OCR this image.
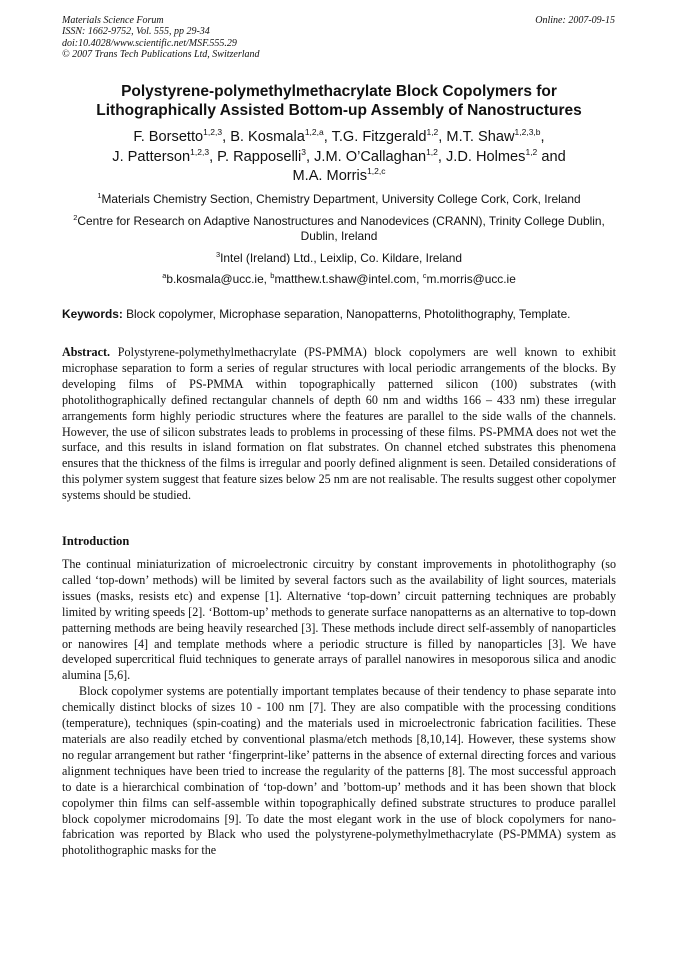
Materials Science Forum
ISSN: 1662-9752, Vol. 555, pp 29-34
doi:10.4028/www.scientific.net/MSF.555.29
© 2007 Trans Tech Publications Ltd, Switzerland
Online: 2007-09-15
Polystyrene-polymethylmethacrylate Block Copolymers for
Lithographically Assisted Bottom-up Assembly of Nanostructures
F. Borsetto$^{1,2,3}$, B. Kosmala$^{1,2,a}$, T.G. Fitzgerald$^{1,2}$, M.T. Shaw$^{1,2,3,b}$,
J. Patterson$^{1,2,3}$, P. Rapposelli$^3$, J.M. O’Callaghan$^{1,2}$, J.D. Holmes$^{1,2}$ and
M.A. Morris$^{1,2,c}$
$^1$Materials Chemistry Section, Chemistry Department, University College Cork, Cork, Ireland
$^2$Centre for Research on Adaptive Nanostructures and Nanodevices (CRANN), Trinity College Dublin, Dublin, Ireland
$^3$Intel (Ireland) Ltd., Leixlip, Co. Kildare, Ireland
$^a$b.kosmala@ucc.ie, $^b$matthew.t.shaw@intel.com, $^c$m.morris@ucc.ie
Keywords: Block copolymer, Microphase separation, Nanopatterns, Photolithography, Template.
Abstract. Polystyrene-polymethylmethacrylate (PS-PMMA) block copolymers are well known to exhibit microphase separation to form a series of regular structures with local periodic arrangements of the blocks. By developing films of PS-PMMA within topographically patterned silicon (100) substrates (with photolithographically defined rectangular channels of depth 60 nm and widths 166 – 433 nm) these irregular arrangements form highly periodic structures where the features are parallel to the side walls of the channels. However, the use of silicon substrates leads to problems in processing of these films. PS-PMMA does not wet the surface, and this results in island formation on flat substrates. On channel etched substrates this phenomena ensures that the thickness of the films is irregular and poorly defined alignment is seen. Detailed considerations of this polymer system suggest that feature sizes below 25 nm are not realisable. The results suggest other copolymer systems should be studied.
Introduction

The continual miniaturization of microelectronic circuitry by constant improvements in photolithography (so called ‘top-down’ methods) will be limited by several factors such as the availability of light sources, materials issues (masks, resists etc) and expense [1]. Alternative ‘top-down’ circuit patterning techniques are probably limited by writing speeds [2]. ‘Bottom-up’ methods to generate surface nanopatterns as an alternative to top-down patterning methods are being heavily researched [3]. These methods include direct self-assembly of nanoparticles or nanowires [4] and template methods where a periodic structure is filled by nanoparticles [3]. We have developed supercritical fluid techniques to generate arrays of parallel nanowires in mesoporous silica and anodic alumina [5,6].

Block copolymer systems are potentially important templates because of their tendency to phase separate into chemically distinct blocks of sizes 10 - 100 nm [7]. They are also compatible with the processing conditions (temperature), techniques (spin-coating) and the materials used in microelectronic fabrication facilities. These materials are also readily etched by conventional plasma/etch methods [8,10,14]. However, these systems show no regular arrangement but rather ‘fingerprint-like’ patterns in the absence of external directing forces and various alignment techniques have been tried to increase the regularity of the patterns [8]. The most successful approach to date is a hierarchical combination of ‘top-down’ and ’bottom-up’ methods and it has been shown that block copolymer thin films can self-assemble within topographically defined substrate structures to produce parallel block copolymer microdomains [9]. To date the most elegant work in the use of block copolymers for nano-fabrication was reported by Black who used the polystyrene-polymethylmethacrylate (PS-PMMA) system as photolithographic masks for the
